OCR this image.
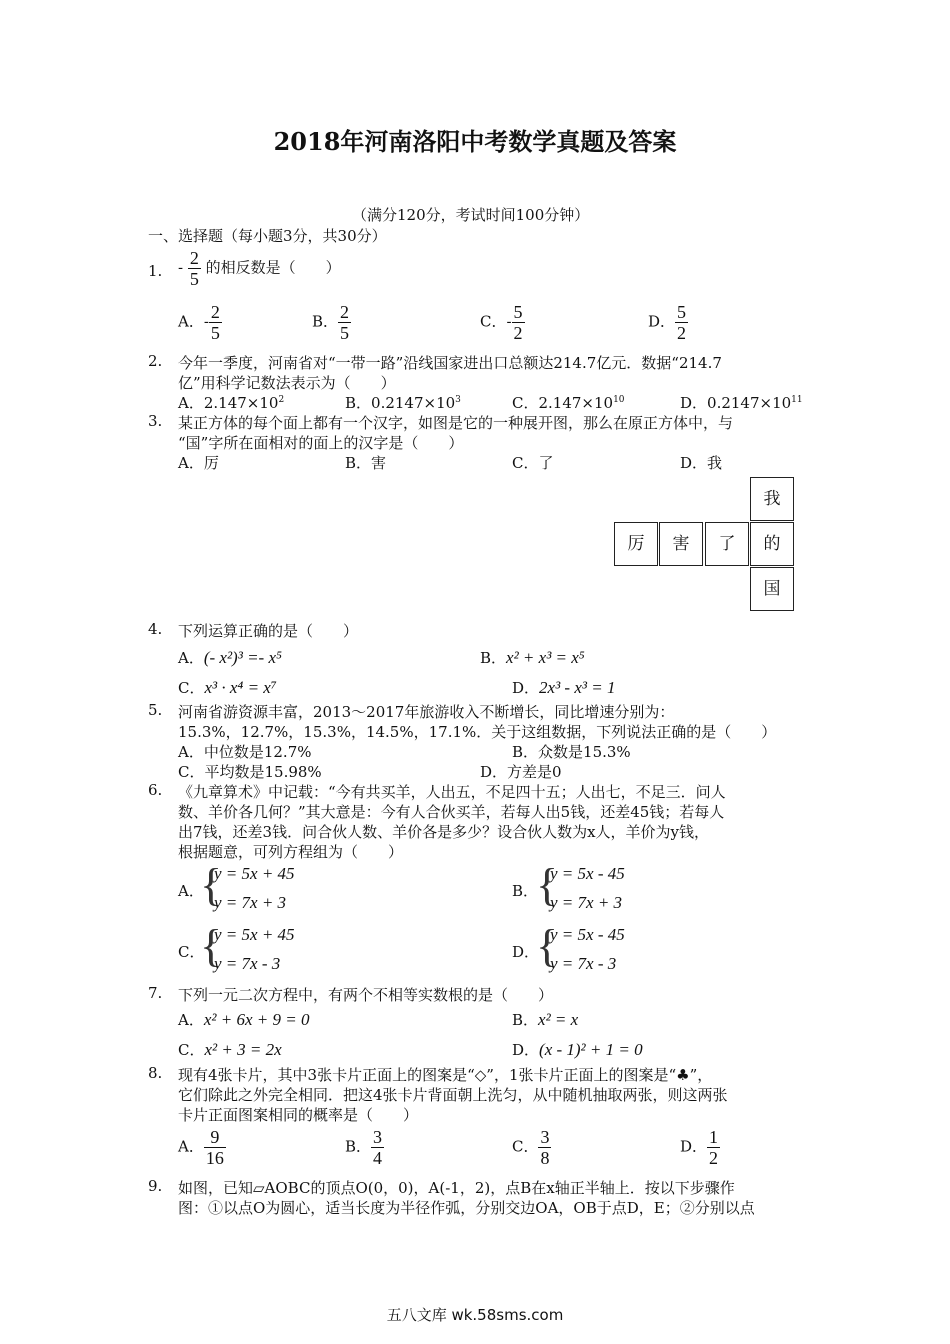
2018年河南洛阳中考数学真题及答案
（满分120分，考试时间100分钟）
一、选择题（每小题3分，共30分）
1. - $\frac{2}{5}$ 的相反数是（　　）
A．- $\frac{2}{5}$	B． $\frac{2}{5}$	C．- $\frac{5}{2}$	D． $\frac{5}{2}$
2. 今年一季度，河南省对“一带一路”沿线国家进出口总额达214.7亿元．数据“214.7
亿”用科学记数法表示为（　　）
A．$2.147\times 10^2$	B．$0.2147\times 10^3$	C．$2.147\times 10^{10}$	D．$0.2147\times 10^{11}$
3. 某正方体的每个面上都有一个汉字，如图是它的一种展开图，那么在原正方体中，与
“国”字所在面相对的面上的汉字是（　　）
A．厉	B．害	C．了	D．我
我
厉	害	了	的
国
4. 下列运算正确的是（　　）
A．(- x²)³ =- x⁵	B．x² + x³ = x⁵
C．x³ · x⁴ = x⁷	D．2x³ - x³ = 1
5. 河南省游资源丰富，2013～2017年旅游收入不断增长，同比增速分别为：
15.3%，12.7%，15.3%，14.5%，17.1%．关于这组数据，下列说法正确的是（　　）
A．中位数是12.7%	B．众数是15.3%
C．平均数是15.98%	D．方差是0
6. 《九章算术》中记载：“今有共买羊，人出五，不足四十五；人出七，不足三．问人
数、羊价各几何？”其大意是：今有人合伙买羊，若每人出5钱，还差45钱；若每人
出7钱，还差3钱．问合伙人数、羊价各是多少？设合伙人数为x人，羊价为y钱，
根据题意，可列方程组为（　　）
A．
{
y = 5x + 45
y = 7x + 3
B．
{
y = 5x - 45
y = 7x + 3
C．
{
y = 5x + 45
y = 7x - 3
D．
{
y = 5x - 45
y = 7x - 3
7. 下列一元二次方程中，有两个不相等实数根的是（　　）
A．x² + 6x + 9 = 0	B．x² = x
C．x² + 3 = 2x	D．(x - 1)² + 1 = 0
8. 现有4张卡片，其中3张卡片正面上的图案是“◇”，1张卡片正面上的图案是“♣”，
它们除此之外完全相同．把这4张卡片背面朝上洗匀，从中随机抽取两张，则这两张
卡片正面图案相同的概率是（　　）
A． $\frac{9}{16}$	B． $\frac{3}{4}$	C． $\frac{3}{8}$	D． $\frac{1}{2}$
9. 如图，已知▱AOBC的顶点O(0，0)，A(-1，2)，点B在x轴正半轴上．按以下步骤作
图：①以点O为圆心，适当长度为半径作弧，分别交边OA，OB于点D，E；②分别以点
五八文库 wk.58sms.com
